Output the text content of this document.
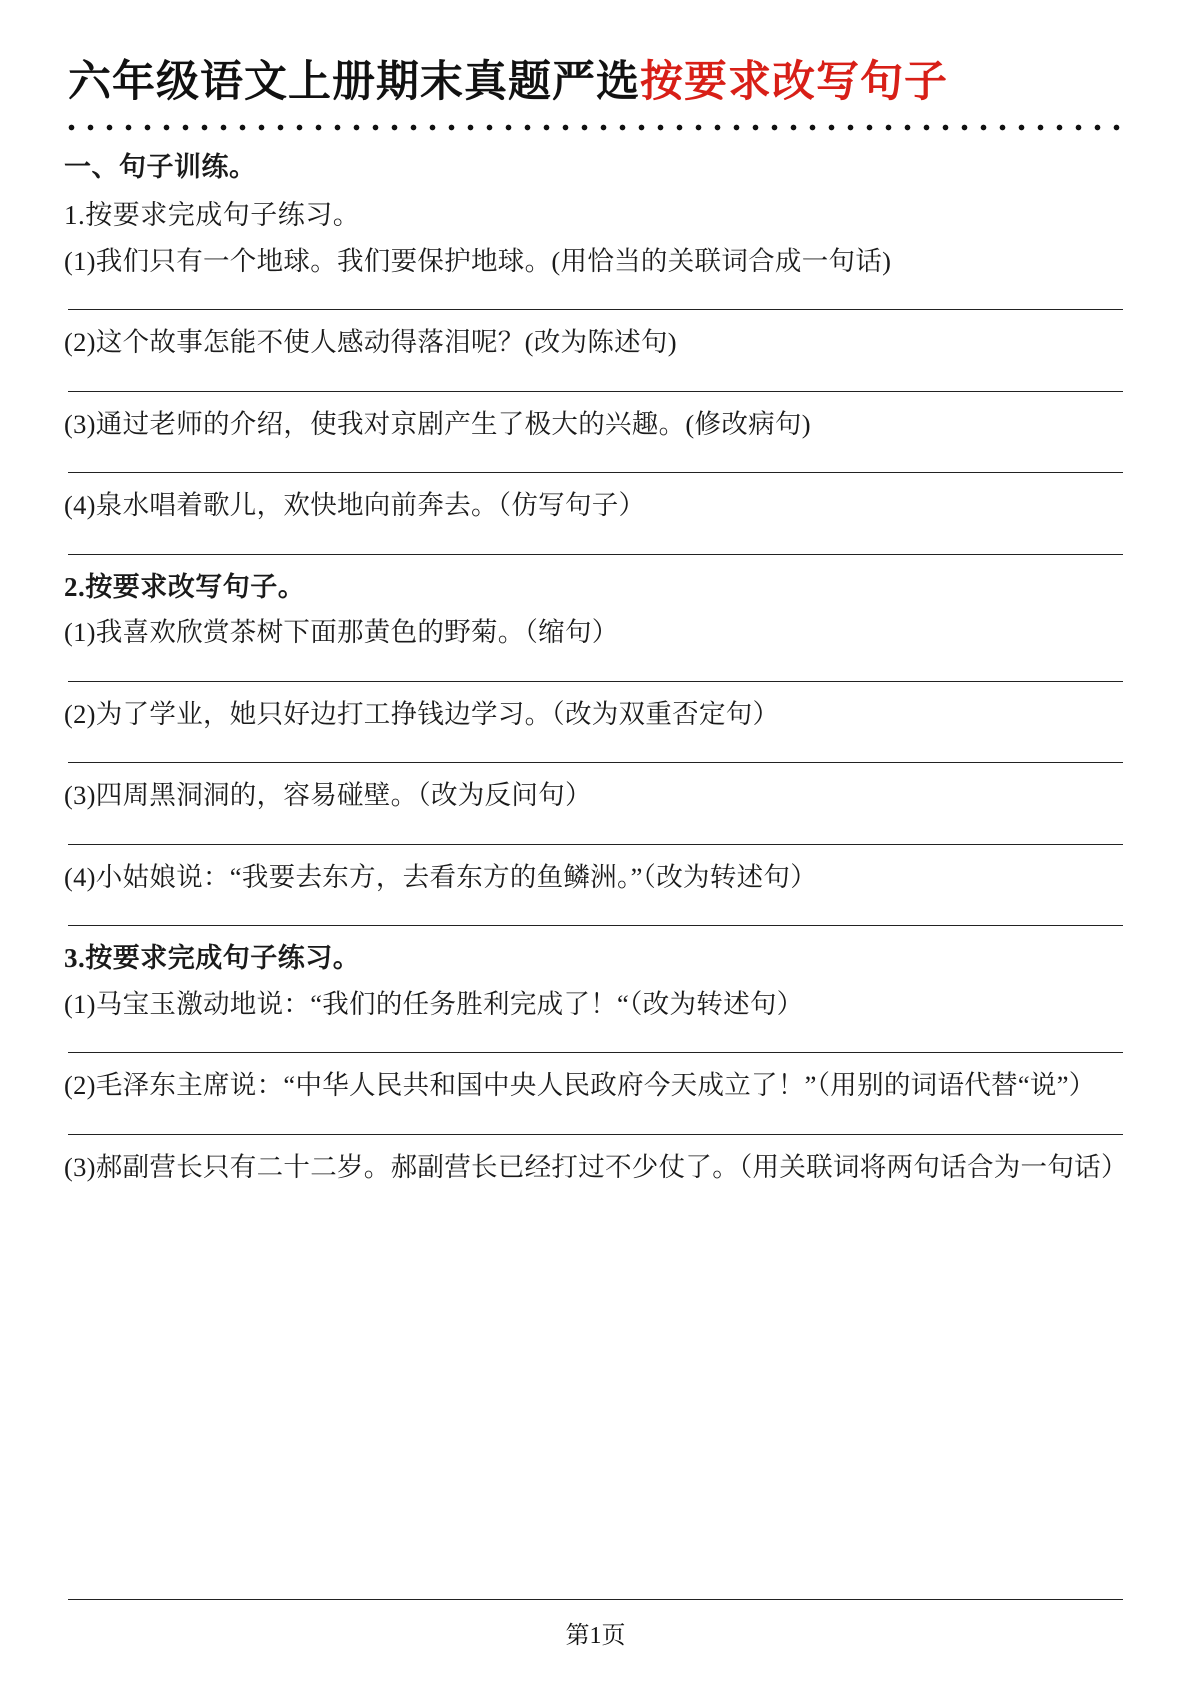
六年级语文上册期末真题严选 按要求改写句子
一、句子训练。
1.按要求完成句子练习。
(1)我们只有一个地球。我们要保护地球。(用恰当的关联词合成一句话)
(2)这个故事怎能不使人感动得落泪呢？(改为陈述句)
(3)通过老师的介绍，使我对京剧产生了极大的兴趣。(修改病句)
(4)泉水唱着歌儿，欢快地向前奔去。（仿写句子）
2.按要求改写句子。
(1)我喜欢欣赏茶树下面那黄色的野菊。（缩句）
(2)为了学业，她只好边打工挣钱边学习。（改为双重否定句）
(3)四周黑洞洞的，容易碰壁。（改为反问句）
(4)小姑娘说：“我要去东方，去看东方的鱼鳞洲。”（改为转述句）
3.按要求完成句子练习。
(1)马宝玉激动地说：“我们的任务胜利完成了！“（改为转述句）
(2)毛泽东主席说：“中华人民共和国中央人民政府今天成立了！”（用别的词语代替“说”）
(3)郝副营长只有二十二岁。郝副营长已经打过不少仗了。（用关联词将两句话合为一句话）
第1页
